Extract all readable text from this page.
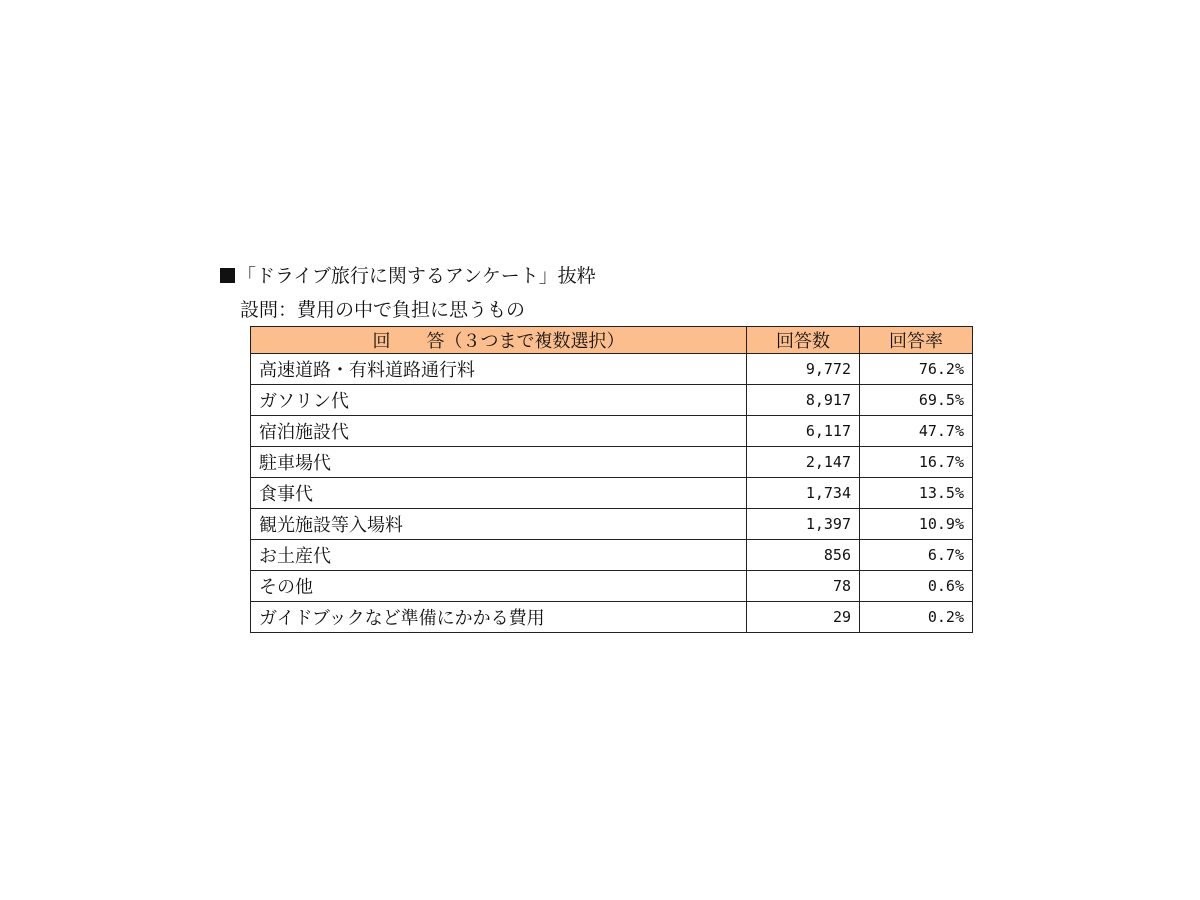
「ドライブ旅行に関するアンケート」抜粋
設問：費用の中で負担に思うもの
回　　答（３つまで複数選択）	回答数	回答率
高速道路・有料道路通行料	9,772	76.2%
ガソリン代	8,917	69.5%
宿泊施設代	6,117	47.7%
駐車場代	2,147	16.7%
食事代	1,734	13.5%
観光施設等入場料	1,397	10.9%
お土産代	856	6.7%
その他	78	0.6%
ガイドブックなど準備にかかる費用	29	0.2%
